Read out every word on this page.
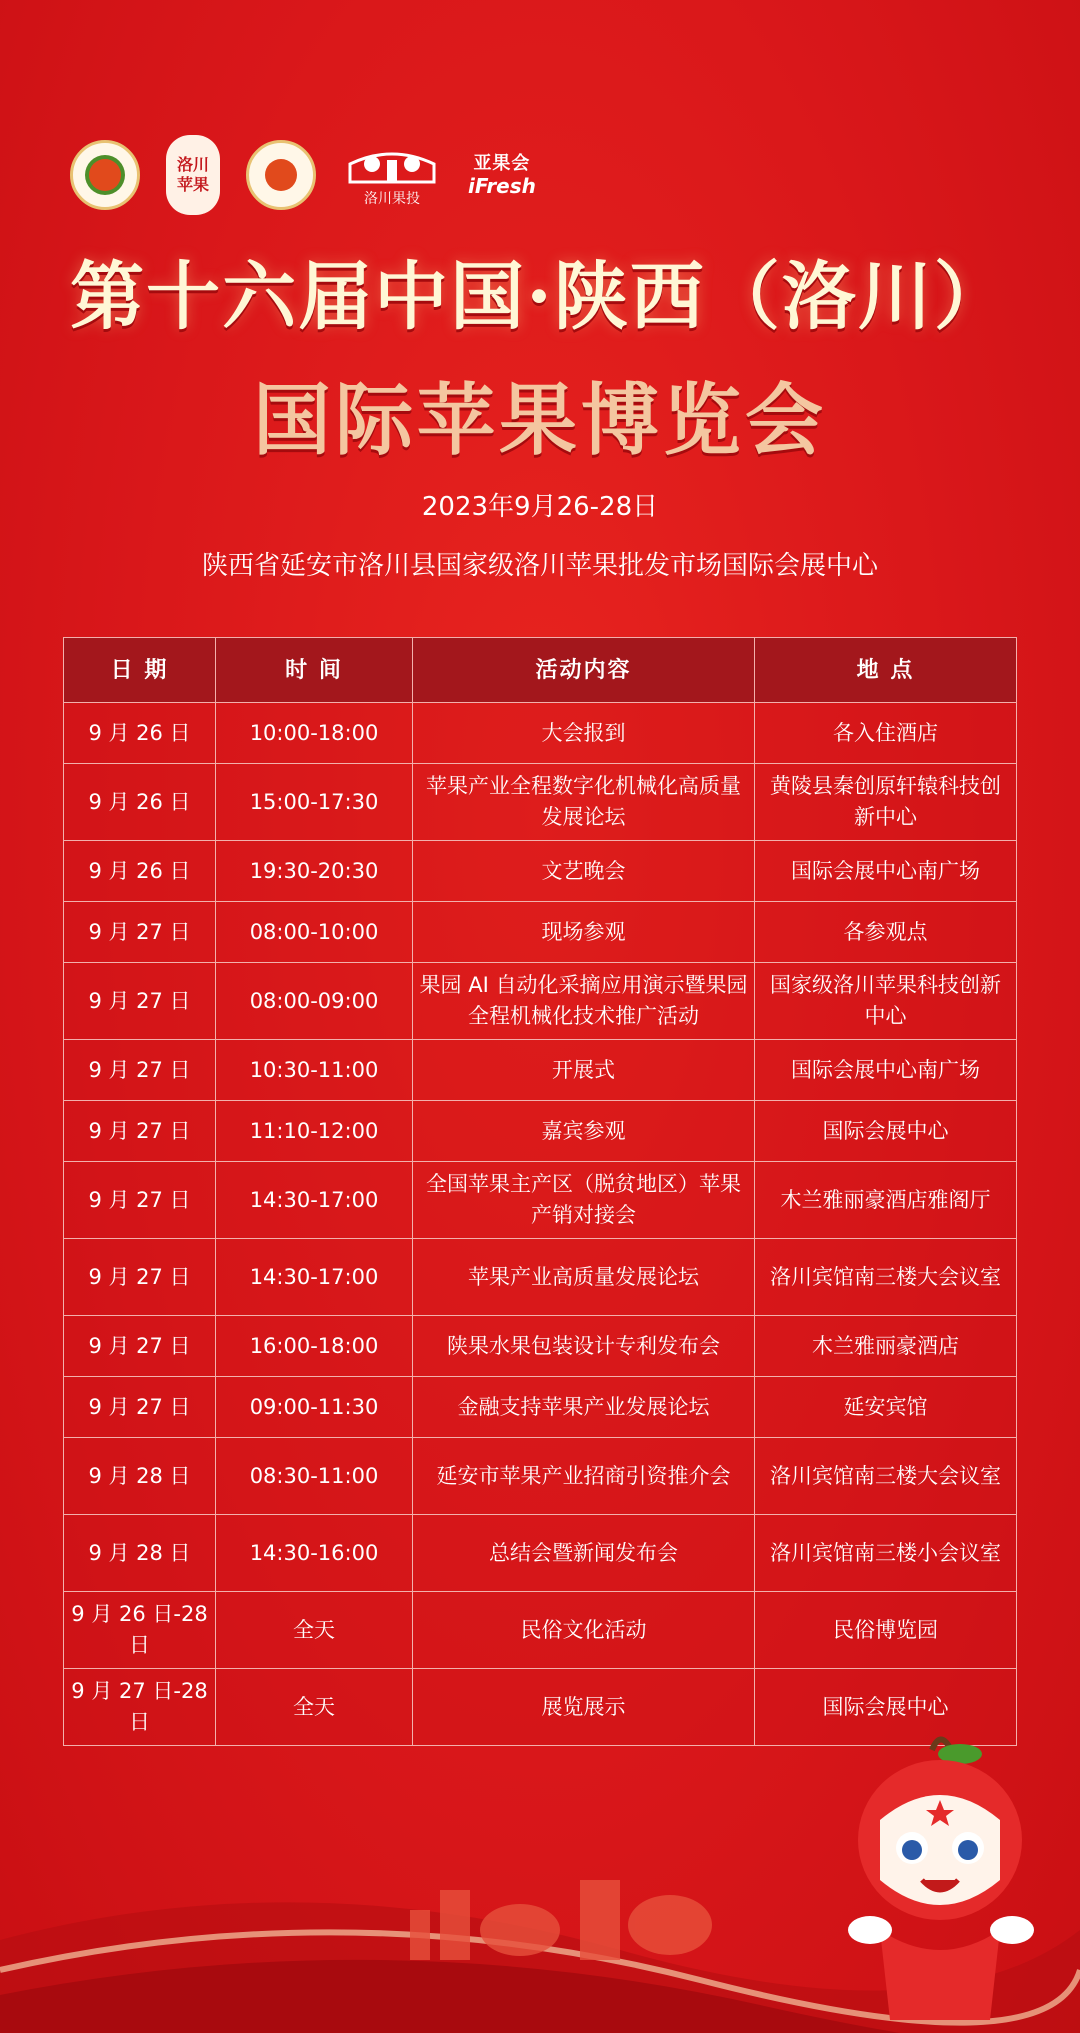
洛川
苹果
洛川果投
亚果会
iFresh
第十六届中国·陕西（洛川）
国际苹果博览会
2023年9月26-28日
陕西省延安市洛川县国家级洛川苹果批发市场国际会展中心
日 期	时 间	活动内容	地 点
9 月 26 日	10:00-18:00	大会报到	各入住酒店
9 月 26 日	15:00-17:30	苹果产业全程数字化机械化高质量发展论坛	黄陵县秦创原轩辕科技创新中心
9 月 26 日	19:30-20:30	文艺晚会	国际会展中心南广场
9 月 27 日	08:00-10:00	现场参观	各参观点
9 月 27 日	08:00-09:00	果园 AI 自动化采摘应用演示暨果园全程机械化技术推广活动	国家级洛川苹果科技创新中心
9 月 27 日	10:30-11:00	开展式	国际会展中心南广场
9 月 27 日	11:10-12:00	嘉宾参观	国际会展中心
9 月 27 日	14:30-17:00	全国苹果主产区（脱贫地区）苹果产销对接会	木兰雅丽豪酒店雅阁厅
9 月 27 日	14:30-17:00	苹果产业高质量发展论坛	洛川宾馆南三楼大会议室
9 月 27 日	16:00-18:00	陕果水果包装设计专利发布会	木兰雅丽豪酒店
9 月 27 日	09:00-11:30	金融支持苹果产业发展论坛	延安宾馆
9 月 28 日	08:30-11:00	延安市苹果产业招商引资推介会	洛川宾馆南三楼大会议室
9 月 28 日	14:30-16:00	总结会暨新闻发布会	洛川宾馆南三楼小会议室
9 月 26 日-28 日	全天	民俗文化活动	民俗博览园
9 月 27 日-28 日	全天	展览展示	国际会展中心
